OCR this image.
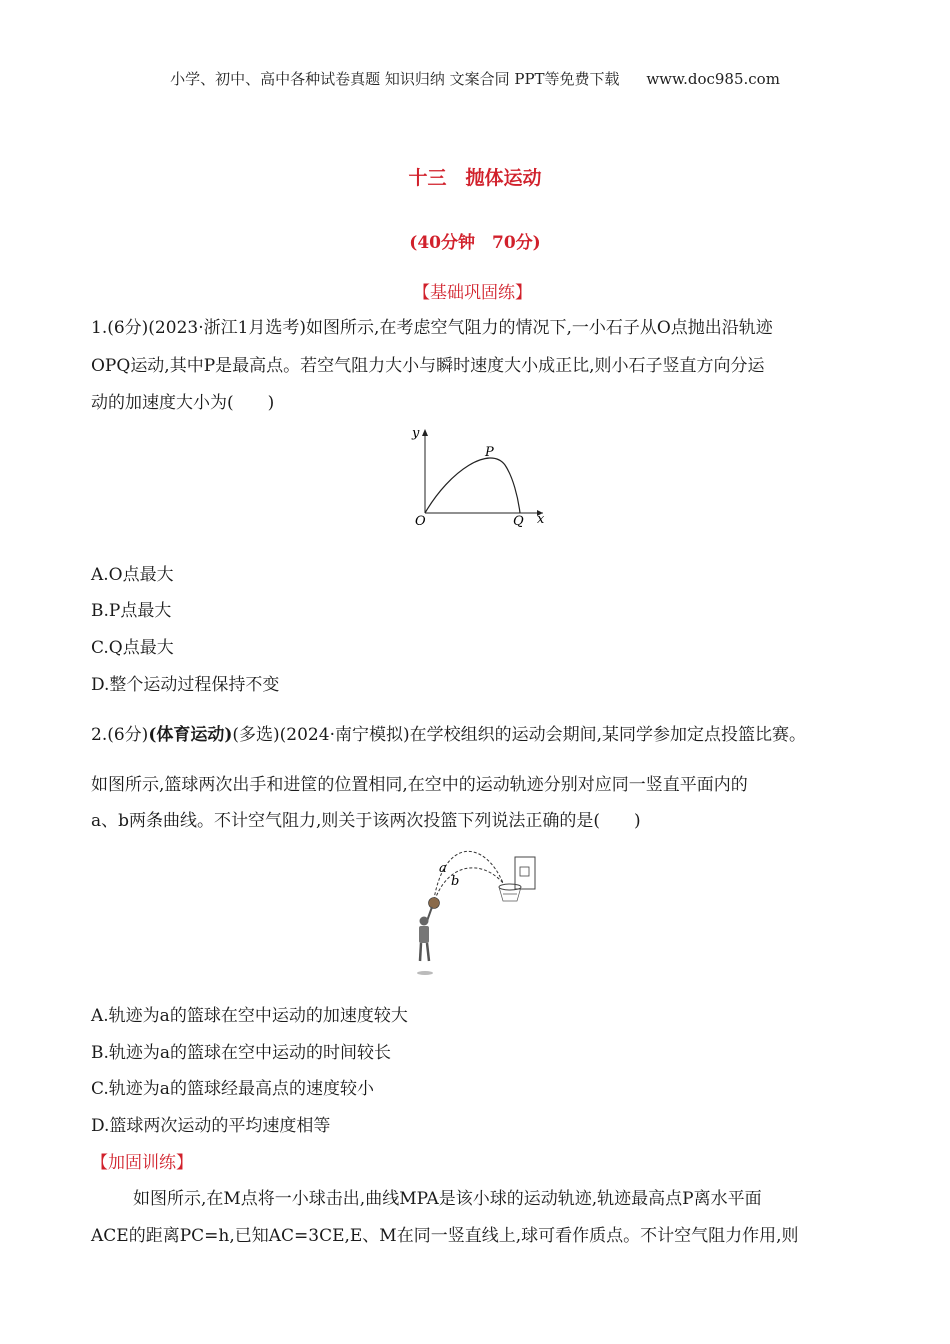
小学、初中、高中各种试卷真题 知识归纳 文案合同 PPT等免费下载 www.doc985.com
十三　抛体运动
(40分钟　70分)
【基础巩固练】
1.(6分)(2023·浙江1月选考)如图所示,在考虑空气阻力的情况下,一小石子从O点抛出沿轨迹
OPQ运动,其中P是最高点。若空气阻力大小与瞬时速度大小成正比,则小石子竖直方向分运
动的加速度大小为(　　)
y
x
O
P
Q
A.O点最大
B.P点最大
C.Q点最大
D.整个运动过程保持不变
2.(6分)(体育运动)(多选)(2024·南宁模拟)在学校组织的运动会期间,某同学参加定点投篮比赛。
如图所示,篮球两次出手和进筐的位置相同,在空中的运动轨迹分别对应同一竖直平面内的
a、b两条曲线。不计空气阻力,则关于该两次投篮下列说法正确的是(　　)
a
b
A.轨迹为a的篮球在空中运动的加速度较大
B.轨迹为a的篮球在空中运动的时间较长
C.轨迹为a的篮球经最高点的速度较小
D.篮球两次运动的平均速度相等
【加固训练】
如图所示,在M点将一小球击出,曲线MPA是该小球的运动轨迹,轨迹最高点P离水平面
ACE的距离PC=h,已知AC=3CE,E、M在同一竖直线上,球可看作质点。不计空气阻力作用,则
